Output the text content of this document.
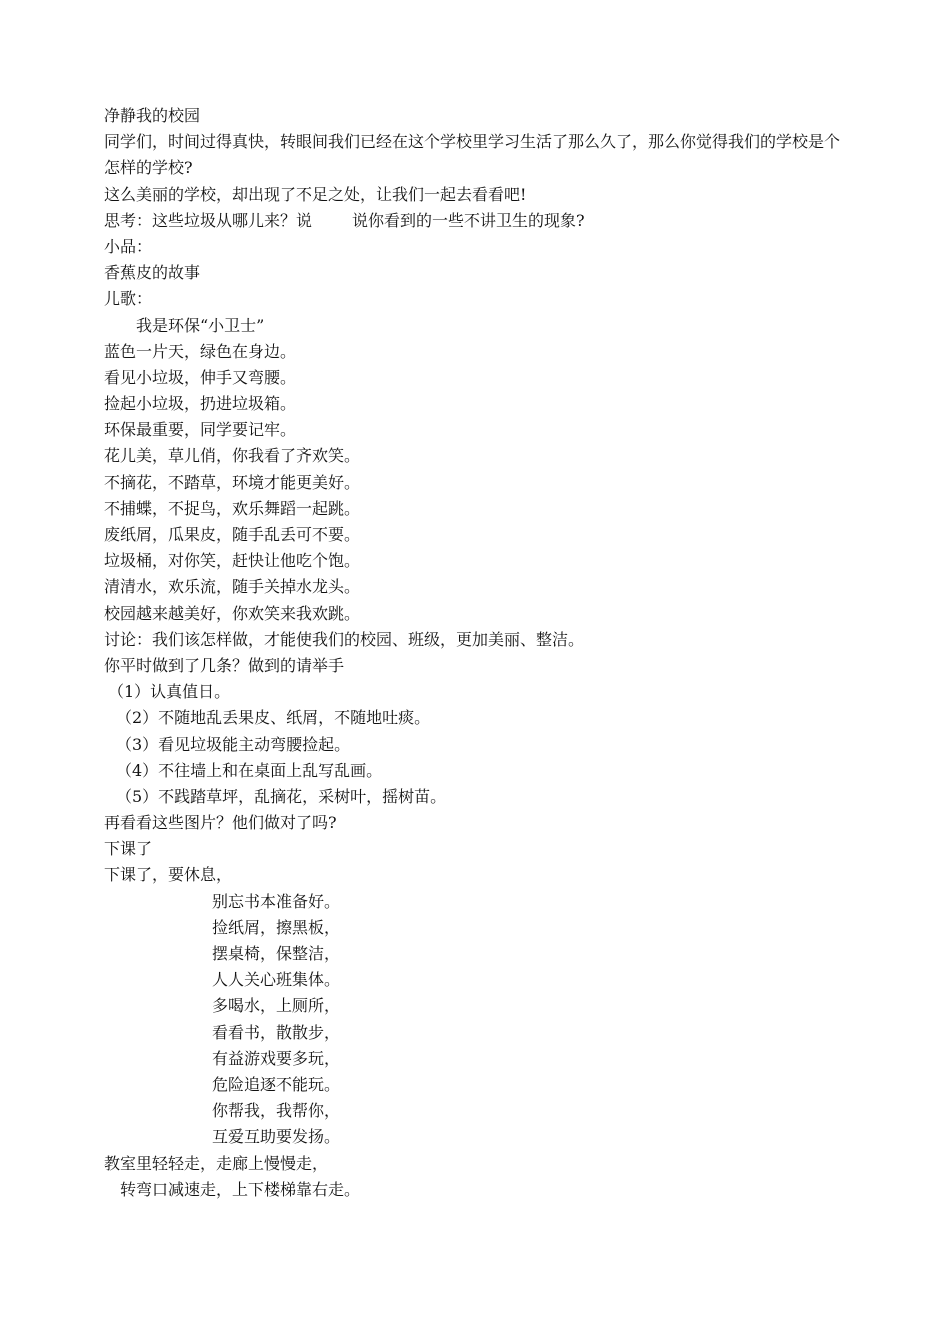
净静我的校园

同学们，时间过得真快，转眼间我们已经在这个学校里学习生活了那么久了，那么你觉得我们的学校是个怎样的学校?

这么美丽的学校，却出现了不足之处，让我们一起去看看吧!

思考：这些垃圾从哪儿来？说	说你看到的一些不讲卫生的现象?

小品：

香蕉皮的故事

儿歌：

我是环保“小卫士”

蓝色一片天，绿色在身边。

看见小垃圾，伸手又弯腰。

捡起小垃圾，扔进垃圾箱。

环保最重要，同学要记牢。

花儿美，草儿俏，你我看了齐欢笑。

不摘花，不踏草，环境才能更美好。

不捕蝶，不捉鸟，欢乐舞蹈一起跳。

废纸屑，瓜果皮，随手乱丢可不要。

垃圾桶，对你笑，赶快让他吃个饱。

清清水，欢乐流，随手关掉水龙头。

校园越来越美好，你欢笑来我欢跳。

讨论：我们该怎样做，才能使我们的校园、班级，更加美丽、整洁。

你平时做到了几条？做到的请举手

（1）认真值日。

（2）不随地乱丢果皮、纸屑，不随地吐痰。

（3）看见垃圾能主动弯腰捡起。

（4）不往墙上和在桌面上乱写乱画。

（5）不践踏草坪，乱摘花，采树叶，摇树苗。

再看看这些图片？他们做对了吗?

下课了

下课了，要休息，

别忘书本准备好。

捡纸屑，擦黑板，

摆桌椅，保整洁，

人人关心班集体。

多喝水，上厕所，

看看书，散散步，

有益游戏要多玩，

危险追逐不能玩。

你帮我，我帮你，

互爱互助要发扬。

教室里轻轻走，走廊上慢慢走，

转弯口减速走，上下楼梯靠右走。
